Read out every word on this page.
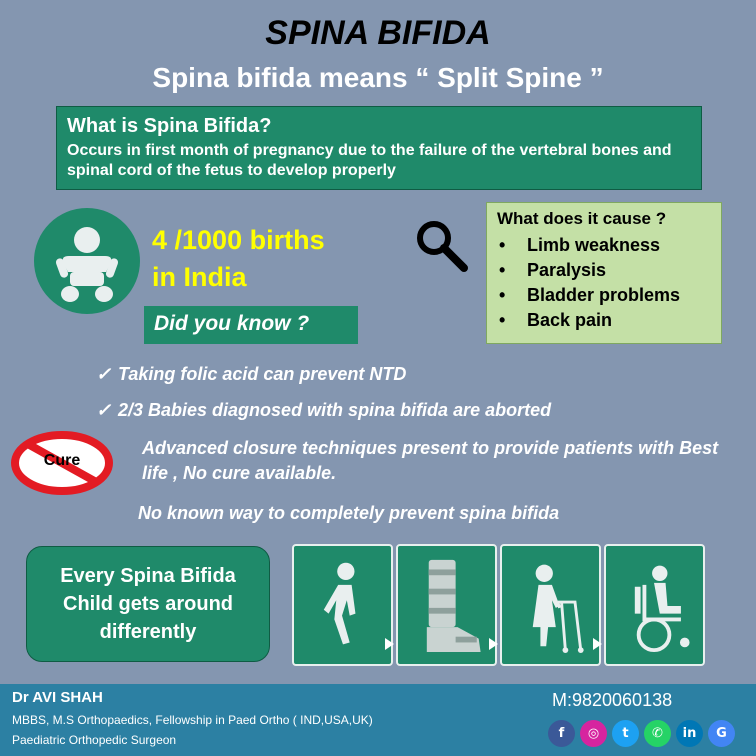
SPINA BIFIDA
Spina bifida means “ Split Spine ”
What is Spina Bifida?
Occurs in first month of pregnancy due to the failure of the vertebral bones and spinal cord of the fetus to develop properly
4 /1000 births
in India
Did you know ?
What does it cause ?
• Limb weakness
• Paralysis
• Bladder problems
• Back pain
✓ Taking folic acid can prevent NTD
✓ 2/3 Babies diagnosed with spina bifida are aborted
Cure
Advanced closure techniques present to provide patients with Best life , No cure available.
No known way to completely prevent spina bifida
Every Spina Bifida Child gets around differently
Dr AVI SHAH
MBBS, M.S Orthopaedics, Fellowship in Paed Ortho ( IND,USA,UK)
Paediatric Orthopedic Surgeon
M:9820060138
f	◎	t	✆	in	G
